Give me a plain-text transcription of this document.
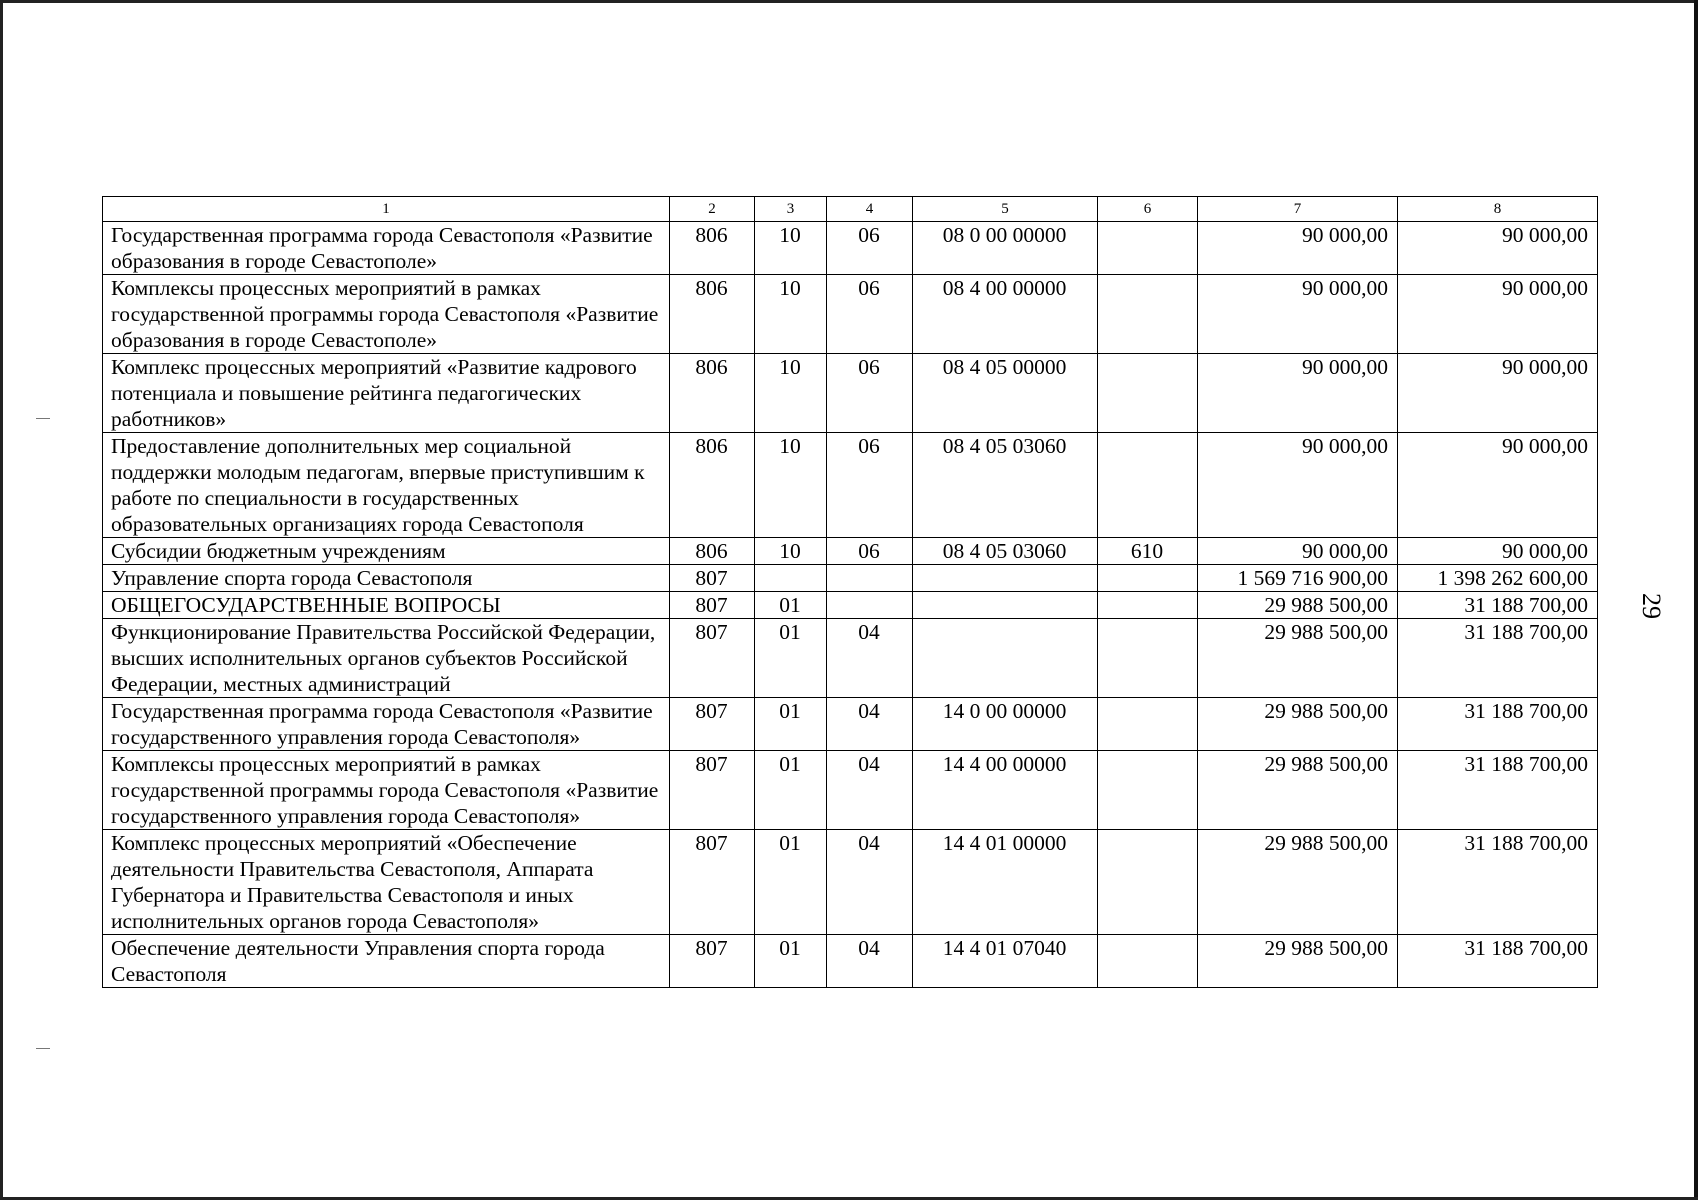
29
1	2	3	4	5	6	7	8
Государственная программа города Севастополя «Развитие образования в городе Севастополе»	806	10	06	08 0 00 00000		90 000,00	90 000,00
Комплексы процессных мероприятий в рамках государственной программы города Севастополя «Развитие образования в городе Севастополе»	806	10	06	08 4 00 00000		90 000,00	90 000,00
Комплекс процессных мероприятий «Развитие кадрового потенциала и повышение рейтинга педагогических работников»	806	10	06	08 4 05 00000		90 000,00	90 000,00
Предоставление дополнительных мер социальной поддержки молодым педагогам, впервые приступившим к работе по специальности в государственных образовательных организациях города Севастополя	806	10	06	08 4 05 03060		90 000,00	90 000,00
Субсидии бюджетным учреждениям	806	10	06	08 4 05 03060	610	90 000,00	90 000,00
Управление спорта города Севастополя	807					1 569 716 900,00	1 398 262 600,00
ОБЩЕГОСУДАРСТВЕННЫЕ ВОПРОСЫ	807	01				29 988 500,00	31 188 700,00
Функционирование Правительства Российской Федерации, высших исполнительных органов субъектов Российской Федерации, местных администраций	807	01	04			29 988 500,00	31 188 700,00
Государственная программа города Севастополя «Развитие государственного управления города Севастополя»	807	01	04	14 0 00 00000		29 988 500,00	31 188 700,00
Комплексы процессных мероприятий в рамках государственной программы города Севастополя «Развитие государственного управления города Севастополя»	807	01	04	14 4 00 00000		29 988 500,00	31 188 700,00
Комплекс процессных мероприятий «Обеспечение деятельности Правительства Севастополя, Аппарата Губернатора и Правительства Севастополя и иных исполнительных органов города Севастополя»	807	01	04	14 4 01 00000		29 988 500,00	31 188 700,00
Обеспечение деятельности Управления спорта города Севастополя	807	01	04	14 4 01 07040		29 988 500,00	31 188 700,00
